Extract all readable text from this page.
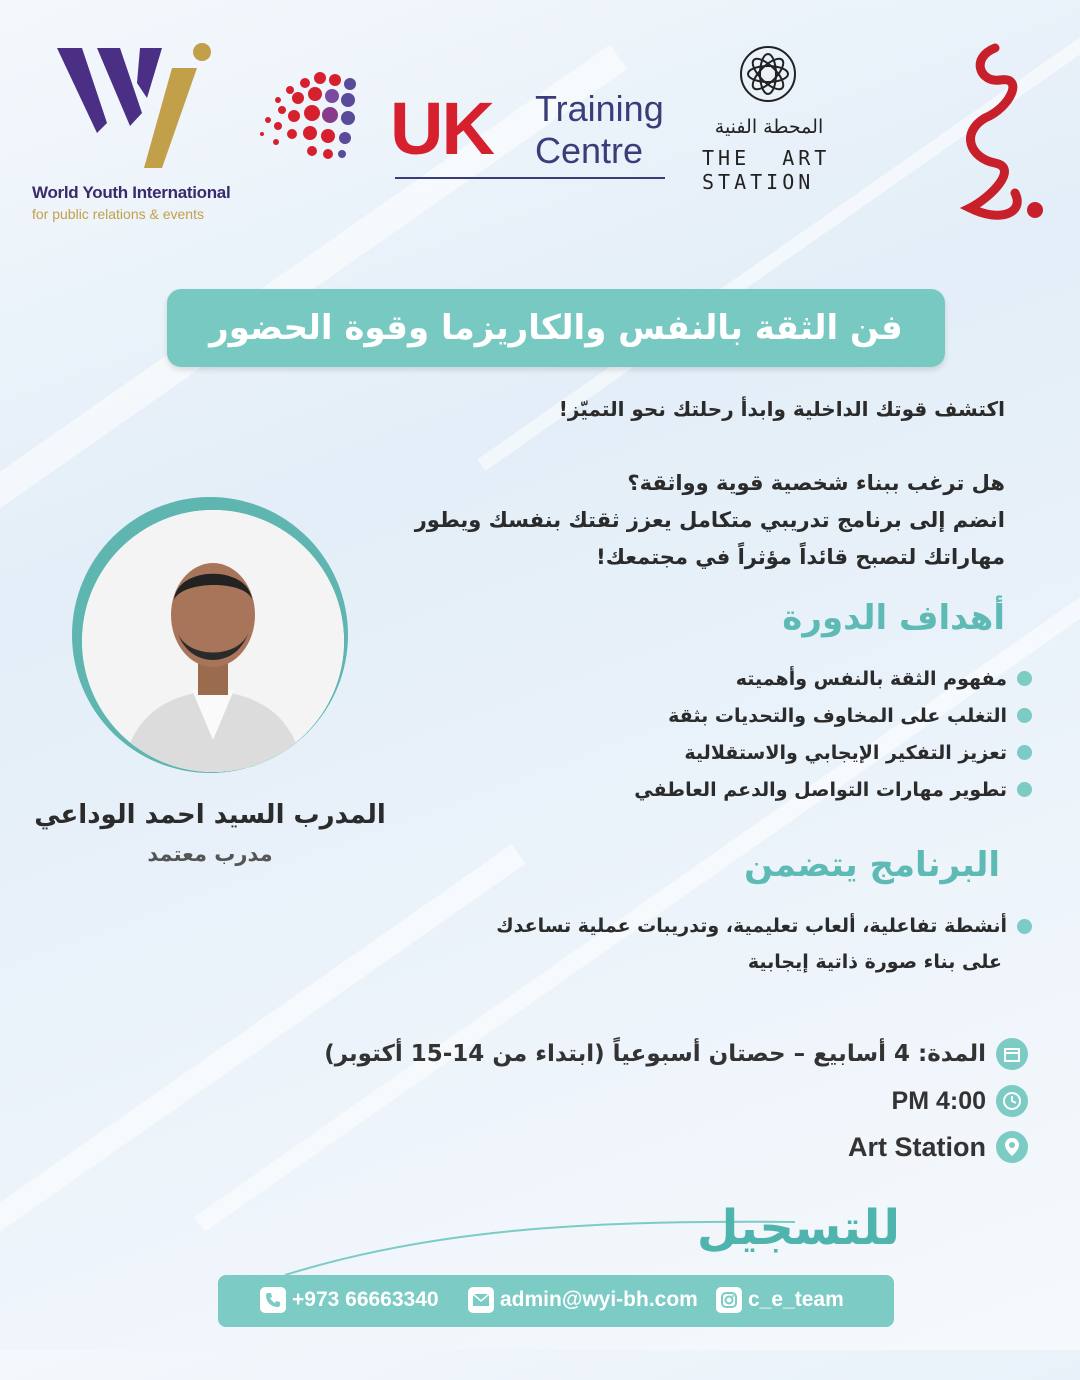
World Youth International
for public relations & events
UK Training
Centre
المحطة الفنية
THE  ART
STATION
فن الثقة بالنفس والكاريزما وقوة الحضور
!اكتشف قوتك الداخلية وابدأ رحلتك نحو التميّز
هل ترغب ببناء شخصية قوية وواثقة؟
انضم إلى برنامج تدريبي متكامل يعزز ثقتك بنفسك ويطور
مهاراتك لتصبح قائداً مؤثراً في مجتمعك!
أهداف الدورة
مفهوم الثقة بالنفس وأهميته
التغلب على المخاوف والتحديات بثقة
تعزيز التفكير الإيجابي والاستقلالية
تطوير مهارات التواصل والدعم العاطفي
المدرب السيد احمد الوداعي
مدرب معتمد	البرنامج يتضمن
أنشطة تفاعلية، ألعاب تعليمية، وتدريبات عملية تساعدك
على بناء صورة ذاتية إيجابية
المدة: 4 أسابيع – حصتان أسبوعياً (ابتداء من 14-15 أكتوبر)
PM 4:00
Art Station
للتسجيل
+973 66663340	admin@wyi-bh.com c_e_team
